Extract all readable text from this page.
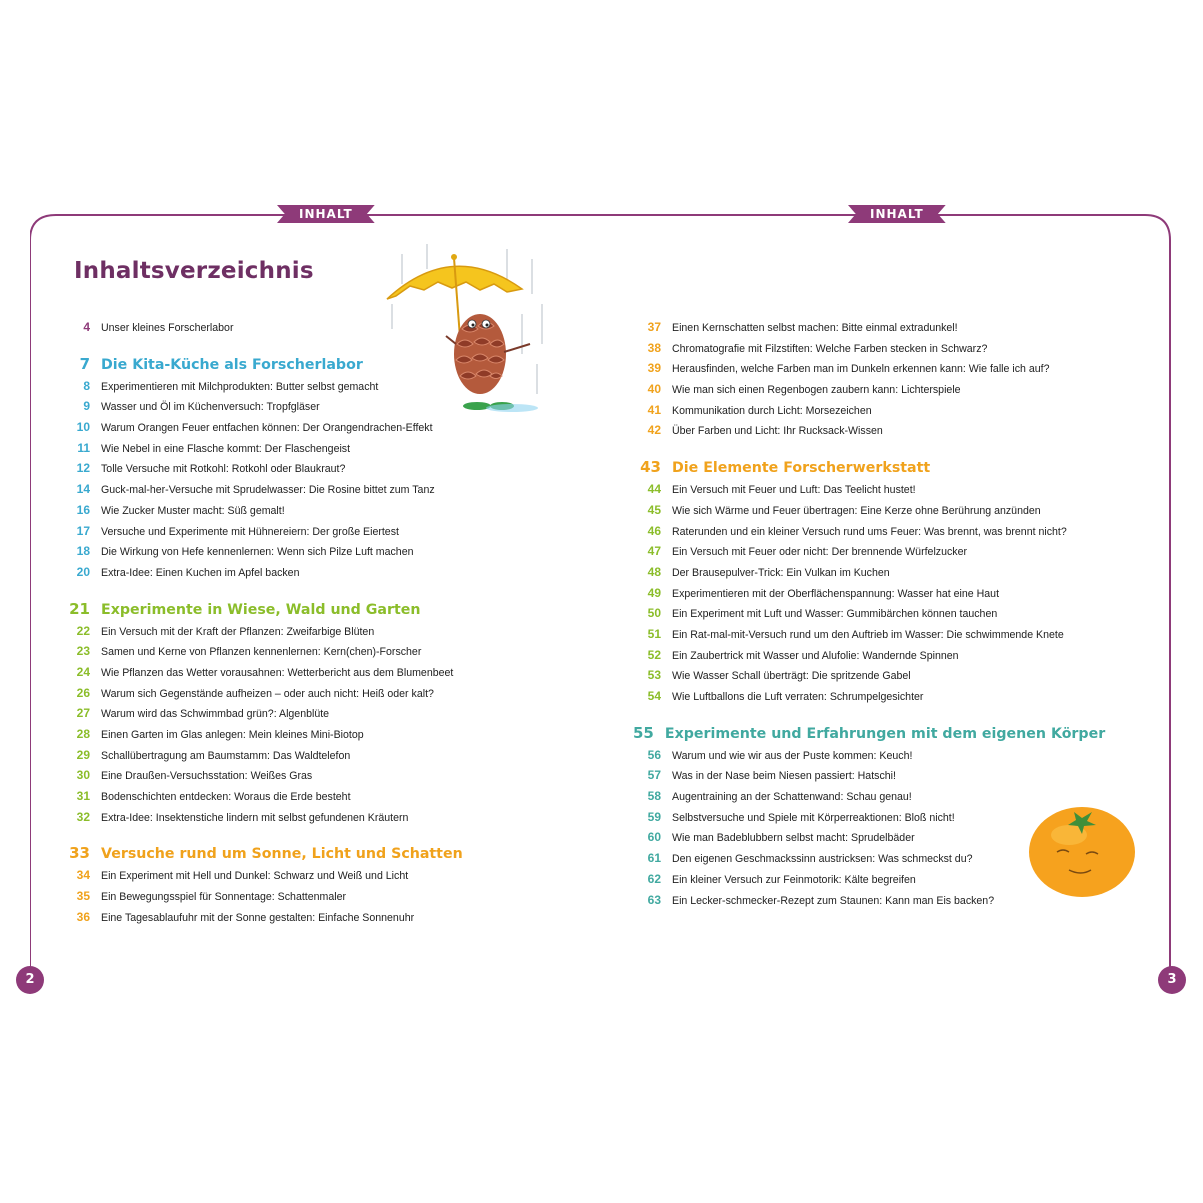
INHALT	INHALT
2	3
Inhaltsverzeichnis
4 Unser kleines Forscherlabor
7 Die Kita-Küche als Forscherlabor
8 Experimentieren mit Milchprodukten: Butter selbst gemacht
9 Wasser und Öl im Küchenversuch: Tropfgläser
10 Warum Orangen Feuer entfachen können: Der Orangendrachen-Effekt
11 Wie Nebel in eine Flasche kommt: Der Flaschengeist
12 Tolle Versuche mit Rotkohl: Rotkohl oder Blaukraut?
14 Guck-mal-her-Versuche mit Sprudelwasser: Die Rosine bittet zum Tanz
16 Wie Zucker Muster macht: Süß gemalt!
17 Versuche und Experimente mit Hühnereiern: Der große Eiertest
18 Die Wirkung von Hefe kennenlernen: Wenn sich Pilze Luft machen
20 Extra-Idee: Einen Kuchen im Apfel backen
21 Experimente in Wiese, Wald und Garten
22 Ein Versuch mit der Kraft der Pflanzen: Zweifarbige Blüten
23 Samen und Kerne von Pflanzen kennenlernen: Kern(chen)-Forscher
24 Wie Pflanzen das Wetter vorausahnen: Wetterbericht aus dem Blumenbeet
26 Warum sich Gegenstände aufheizen – oder auch nicht: Heiß oder kalt?
27 Warum wird das Schwimmbad grün?: Algenblüte
28 Einen Garten im Glas anlegen: Mein kleines Mini-Biotop
29 Schallübertragung am Baumstamm: Das Waldtelefon
30 Eine Draußen-Versuchsstation: Weißes Gras
31 Bodenschichten entdecken: Woraus die Erde besteht
32 Extra-Idee: Insektenstiche lindern mit selbst gefundenen Kräutern
33 Versuche rund um Sonne, Licht und Schatten
34 Ein Experiment mit Hell und Dunkel: Schwarz und Weiß und Licht
35 Ein Bewegungsspiel für Sonnentage: Schattenmaler
36 Eine Tagesablaufuhr mit der Sonne gestalten: Einfache Sonnenuhr
37 Einen Kernschatten selbst machen: Bitte einmal extradunkel!
38 Chromatografie mit Filzstiften: Welche Farben stecken in Schwarz?
39 Herausfinden, welche Farben man im Dunkeln erkennen kann: Wie falle ich auf?
40 Wie man sich einen Regenbogen zaubern kann: Lichterspiele
41 Kommunikation durch Licht: Morsezeichen
42 Über Farben und Licht: Ihr Rucksack-Wissen
43 Die Elemente Forscherwerkstatt
44 Ein Versuch mit Feuer und Luft: Das Teelicht hustet!
45 Wie sich Wärme und Feuer übertragen: Eine Kerze ohne Berührung anzünden
46 Raterunden und ein kleiner Versuch rund ums Feuer: Was brennt, was brennt nicht?
47 Ein Versuch mit Feuer oder nicht: Der brennende Würfelzucker
48 Der Brausepulver-Trick: Ein Vulkan im Kuchen
49 Experimentieren mit der Oberflächenspannung: Wasser hat eine Haut
50 Ein Experiment mit Luft und Wasser: Gummibärchen können tauchen
51 Ein Rat-mal-mit-Versuch rund um den Auftrieb im Wasser: Die schwimmende Knete
52 Ein Zaubertrick mit Wasser und Alufolie: Wandernde Spinnen
53 Wie Wasser Schall überträgt: Die spritzende Gabel
54 Wie Luftballons die Luft verraten: Schrumpelgesichter
55 Experimente und Erfahrungen mit dem eigenen Körper
56 Warum und wie wir aus der Puste kommen: Keuch!
57 Was in der Nase beim Niesen passiert: Hatschi!
58 Augentraining an der Schattenwand: Schau genau!
59 Selbstversuche und Spiele mit Körperreaktionen: Bloß nicht!
60 Wie man Badeblubbern selbst macht: Sprudelbäder
61 Den eigenen Geschmackssinn austricksen: Was schmeckst du?
62 Ein kleiner Versuch zur Feinmotorik: Kälte begreifen
63 Ein Lecker-schmecker-Rezept zum Staunen: Kann man Eis backen?
